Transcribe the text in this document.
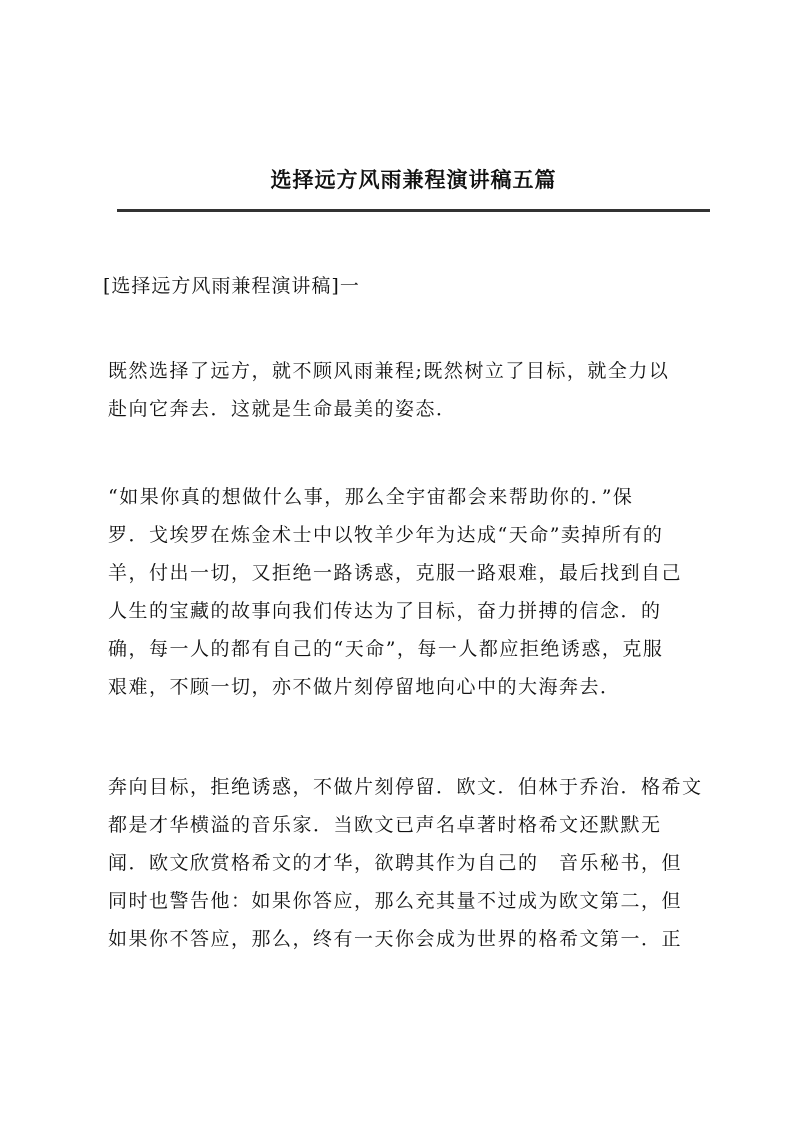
选择远方风雨兼程演讲稿五篇
[选择远方风雨兼程演讲稿]一
既然选择了远方，就不顾风雨兼程;既然树立了目标，就全力以
赴向它奔去．这就是生命最美的姿态．
“如果你真的想做什么事，那么全宇宙都会来帮助你的．”保
罗．戈埃罗在炼金术士中以牧羊少年为达成“天命”卖掉所有的
羊，付出一切，又拒绝一路诱惑，克服一路艰难，最后找到自己
人生的宝藏的故事向我们传达为了目标，奋力拼搏的信念．的
确，每一人的都有自己的“天命”，每一人都应拒绝诱惑，克服
艰难，不顾一切，亦不做片刻停留地向心中的大海奔去．
奔向目标，拒绝诱惑，不做片刻停留．欧文．伯林于乔治．格希文
都是才华横溢的音乐家．当欧文已声名卓著时格希文还默默无
闻．欧文欣赏格希文的才华，欲聘其作为自己的　音乐秘书，但
同时也警告他：如果你答应，那么充其量不过成为欧文第二，但
如果你不答应，那么，终有一天你会成为世界的格希文第一．正
